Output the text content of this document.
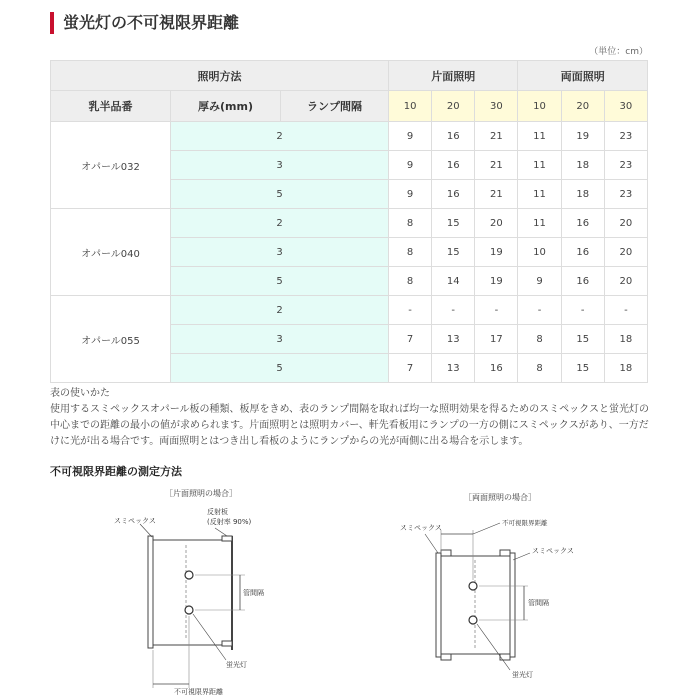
蛍光灯の不可視限界距離
（単位：cm）
照明方法			片面照明			両面照明		
乳半品番	厚み(mm)	ランプ間隔	10	20	30	10	20	30
オパール032	2		9	16	21	11	19	23
	3		9	16	21	11	18	23
	5		9	16	21	11	18	23
オパール040	2		8	15	20	11	16	20
	3		8	15	19	10	16	20
	5		8	14	19	9	16	20
オパール055	2		-	-	-	-	-	-
	3		7	13	17	8	15	18
	5		7	13	16	8	15	18
表の使いかた
使用するスミペックスオパール板の種類、板厚をきめ、表のランプ間隔を取れば均一な照明効果を得るためのスミペックスと蛍光灯の中心までの距離の最小の値が求められます。片面照明とは照明カバー、軒先看板用にランプの一方の側にスミペックスがあり、一方だけに光が出る場合です。両面照明とはつき出し看板のようにランプからの光が両側に出る場合を示します。
不可視限界距離の測定方法
［片面照明の場合］
管間隔
スミペックス
反射板
(反射率 90%)
蛍光灯
不可視限界距離
［両面照明の場合］
管間隔
不可視限界距離
スミペックス
スミペックス
蛍光灯
